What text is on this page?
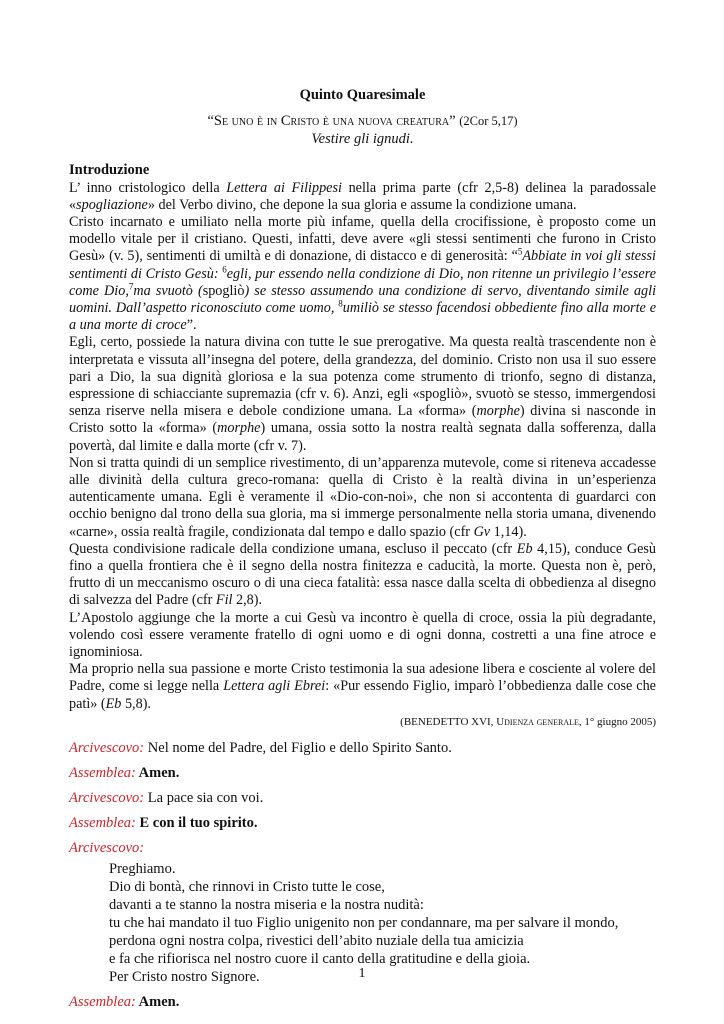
Quinto Quaresimale
“Se uno è in Cristo è una nuova creatura” (2Cor 5,17)
Vestire gli ignudi.
Introduzione

L’ inno cristologico della Lettera ai Filippesi nella prima parte (cfr 2,5-8) delinea la paradossale «spogliazione» del Verbo divino, che depone la sua gloria e assume la condizione umana.

Cristo incarnato e umiliato nella morte più infame, quella della crocifissione, è proposto come un modello vitale per il cristiano. Questi, infatti, deve avere «gli stessi sentimenti che furono in Cristo Gesù» (v. 5), sentimenti di umiltà e di donazione, di distacco e di generosità: “$^5$Abbiate in voi gli stessi sentimenti di Cristo Gesù: $^6$egli, pur essendo nella condizione di Dio, non ritenne un privilegio l’essere come Dio,$^7$ma svuotò (spogliò) se stesso assumendo una condizione di servo, diventando simile agli uomini. Dall’aspetto riconosciuto come uomo, $^8$umiliò se stesso facendosi obbediente fino alla morte e a una morte di croce”.

Egli, certo, possiede la natura divina con tutte le sue prerogative. Ma questa realtà trascendente non è interpretata e vissuta all’insegna del potere, della grandezza, del dominio. Cristo non usa il suo essere pari a Dio, la sua dignità gloriosa e la sua potenza come strumento di trionfo, segno di distanza, espressione di schiacciante supremazia (cfr v. 6). Anzi, egli «spogliò», svuotò se stesso, immergendosi senza riserve nella misera e debole condizione umana. La «forma» (morphe) divina si nasconde in Cristo sotto la «forma» (morphe) umana, ossia sotto la nostra realtà segnata dalla sofferenza, dalla povertà, dal limite e dalla morte (cfr v. 7).

Non si tratta quindi di un semplice rivestimento, di un’apparenza mutevole, come si riteneva accadesse alle divinità della cultura greco-romana: quella di Cristo è la realtà divina in un’esperienza autenticamente umana. Egli è veramente il «Dio-con-noi», che non si accontenta di guardarci con occhio benigno dal trono della sua gloria, ma si immerge personalmente nella storia umana, divenendo «carne», ossia realtà fragile, condizionata dal tempo e dallo spazio (cfr Gv 1,14).

Questa condivisione radicale della condizione umana, escluso il peccato (cfr Eb 4,15), conduce Gesù fino a quella frontiera che è il segno della nostra finitezza e caducità, la morte. Questa non è, però, frutto di un meccanismo oscuro o di una cieca fatalità: essa nasce dalla scelta di obbedienza al disegno di salvezza del Padre (cfr Fil 2,8).

L’Apostolo aggiunge che la morte a cui Gesù va incontro è quella di croce, ossia la più degradante, volendo così essere veramente fratello di ogni uomo e di ogni donna, costretti a una fine atroce e ignominiosa.

Ma proprio nella sua passione e morte Cristo testimonia la sua adesione libera e cosciente al volere del Padre, come si legge nella Lettera agli Ebrei: «Pur essendo Figlio, imparò l’obbedienza dalle cose che patì» (Eb 5,8).

(BENEDETTO XVI, Udienza generale, 1° giugno 2005)
Arcivescovo: Nel nome del Padre, del Figlio e dello Spirito Santo.
Assemblea: Amen.
Arcivescovo: La pace sia con voi.
Assemblea: E con il tuo spirito.
Arcivescovo:
Preghiamo.
Dio di bontà, che rinnovi in Cristo tutte le cose,
davanti a te stanno la nostra miseria e la nostra nudità:
tu che hai mandato il tuo Figlio unigenito non per condannare, ma per salvare il mondo,
perdona ogni nostra colpa, rivestici dell’abito nuziale della tua amicizia
e fa che rifiorisca nel nostro cuore il canto della gratitudine e della gioia.
Per Cristo nostro Signore.
Assemblea: Amen.
1
